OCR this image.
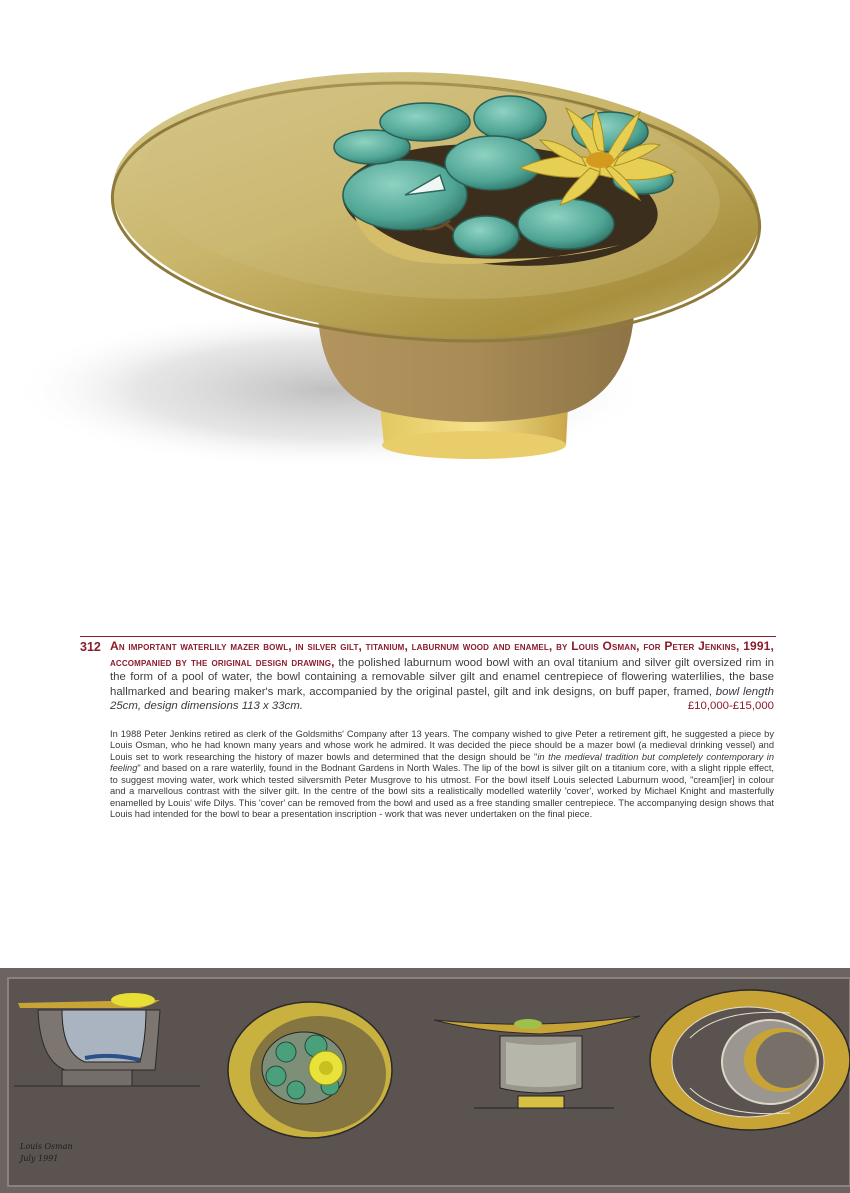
312 An important waterlily mazer bowl, in silver gilt, titanium, laburnum wood and enamel, by Louis Osman, for Peter Jenkins, 1991, accompanied by the original design drawing, the polished laburnum wood bowl with an oval titanium and silver gilt oversized rim in the form of a pool of water, the bowl containing a removable silver gilt and enamel centrepiece of flowering waterlilies, the base hallmarked and bearing maker's mark, accompanied by the original pastel, gilt and ink designs, on buff paper, framed, bowl length 25cm, design dimensions 113 x 33cm.	£10,000-£15,000
In 1988 Peter Jenkins retired as clerk of the Goldsmiths' Company after 13 years. The company wished to give Peter a retirement gift, he suggested a piece by Louis Osman, who he had known many years and whose work he admired. It was decided the piece should be a mazer bowl (a medieval drinking vessel) and Louis set to work researching the history of mazer bowls and determined that the design should be "in the medieval tradition but completely contemporary in feeling" and based on a rare waterlily, found in the Bodnant Gardens in North Wales. The lip of the bowl is silver gilt on a titanium core, with a slight ripple effect, to suggest moving water, work which tested silversmith Peter Musgrove to his utmost. For the bowl itself Louis selected Laburnum wood, "cream[ier] in colour and a marvellous contrast with the silver gilt. In the centre of the bowl sits a realistically modelled waterlily 'cover', worked by Michael Knight and masterfully enamelled by Louis' wife Dilys. This 'cover' can be removed from the bowl and used as a free standing smaller centrepiece. The accompanying design shows that Louis had intended for the bowl to bear a presentation inscription - work that was never undertaken on the final piece.
Louis Osman
July 1991
